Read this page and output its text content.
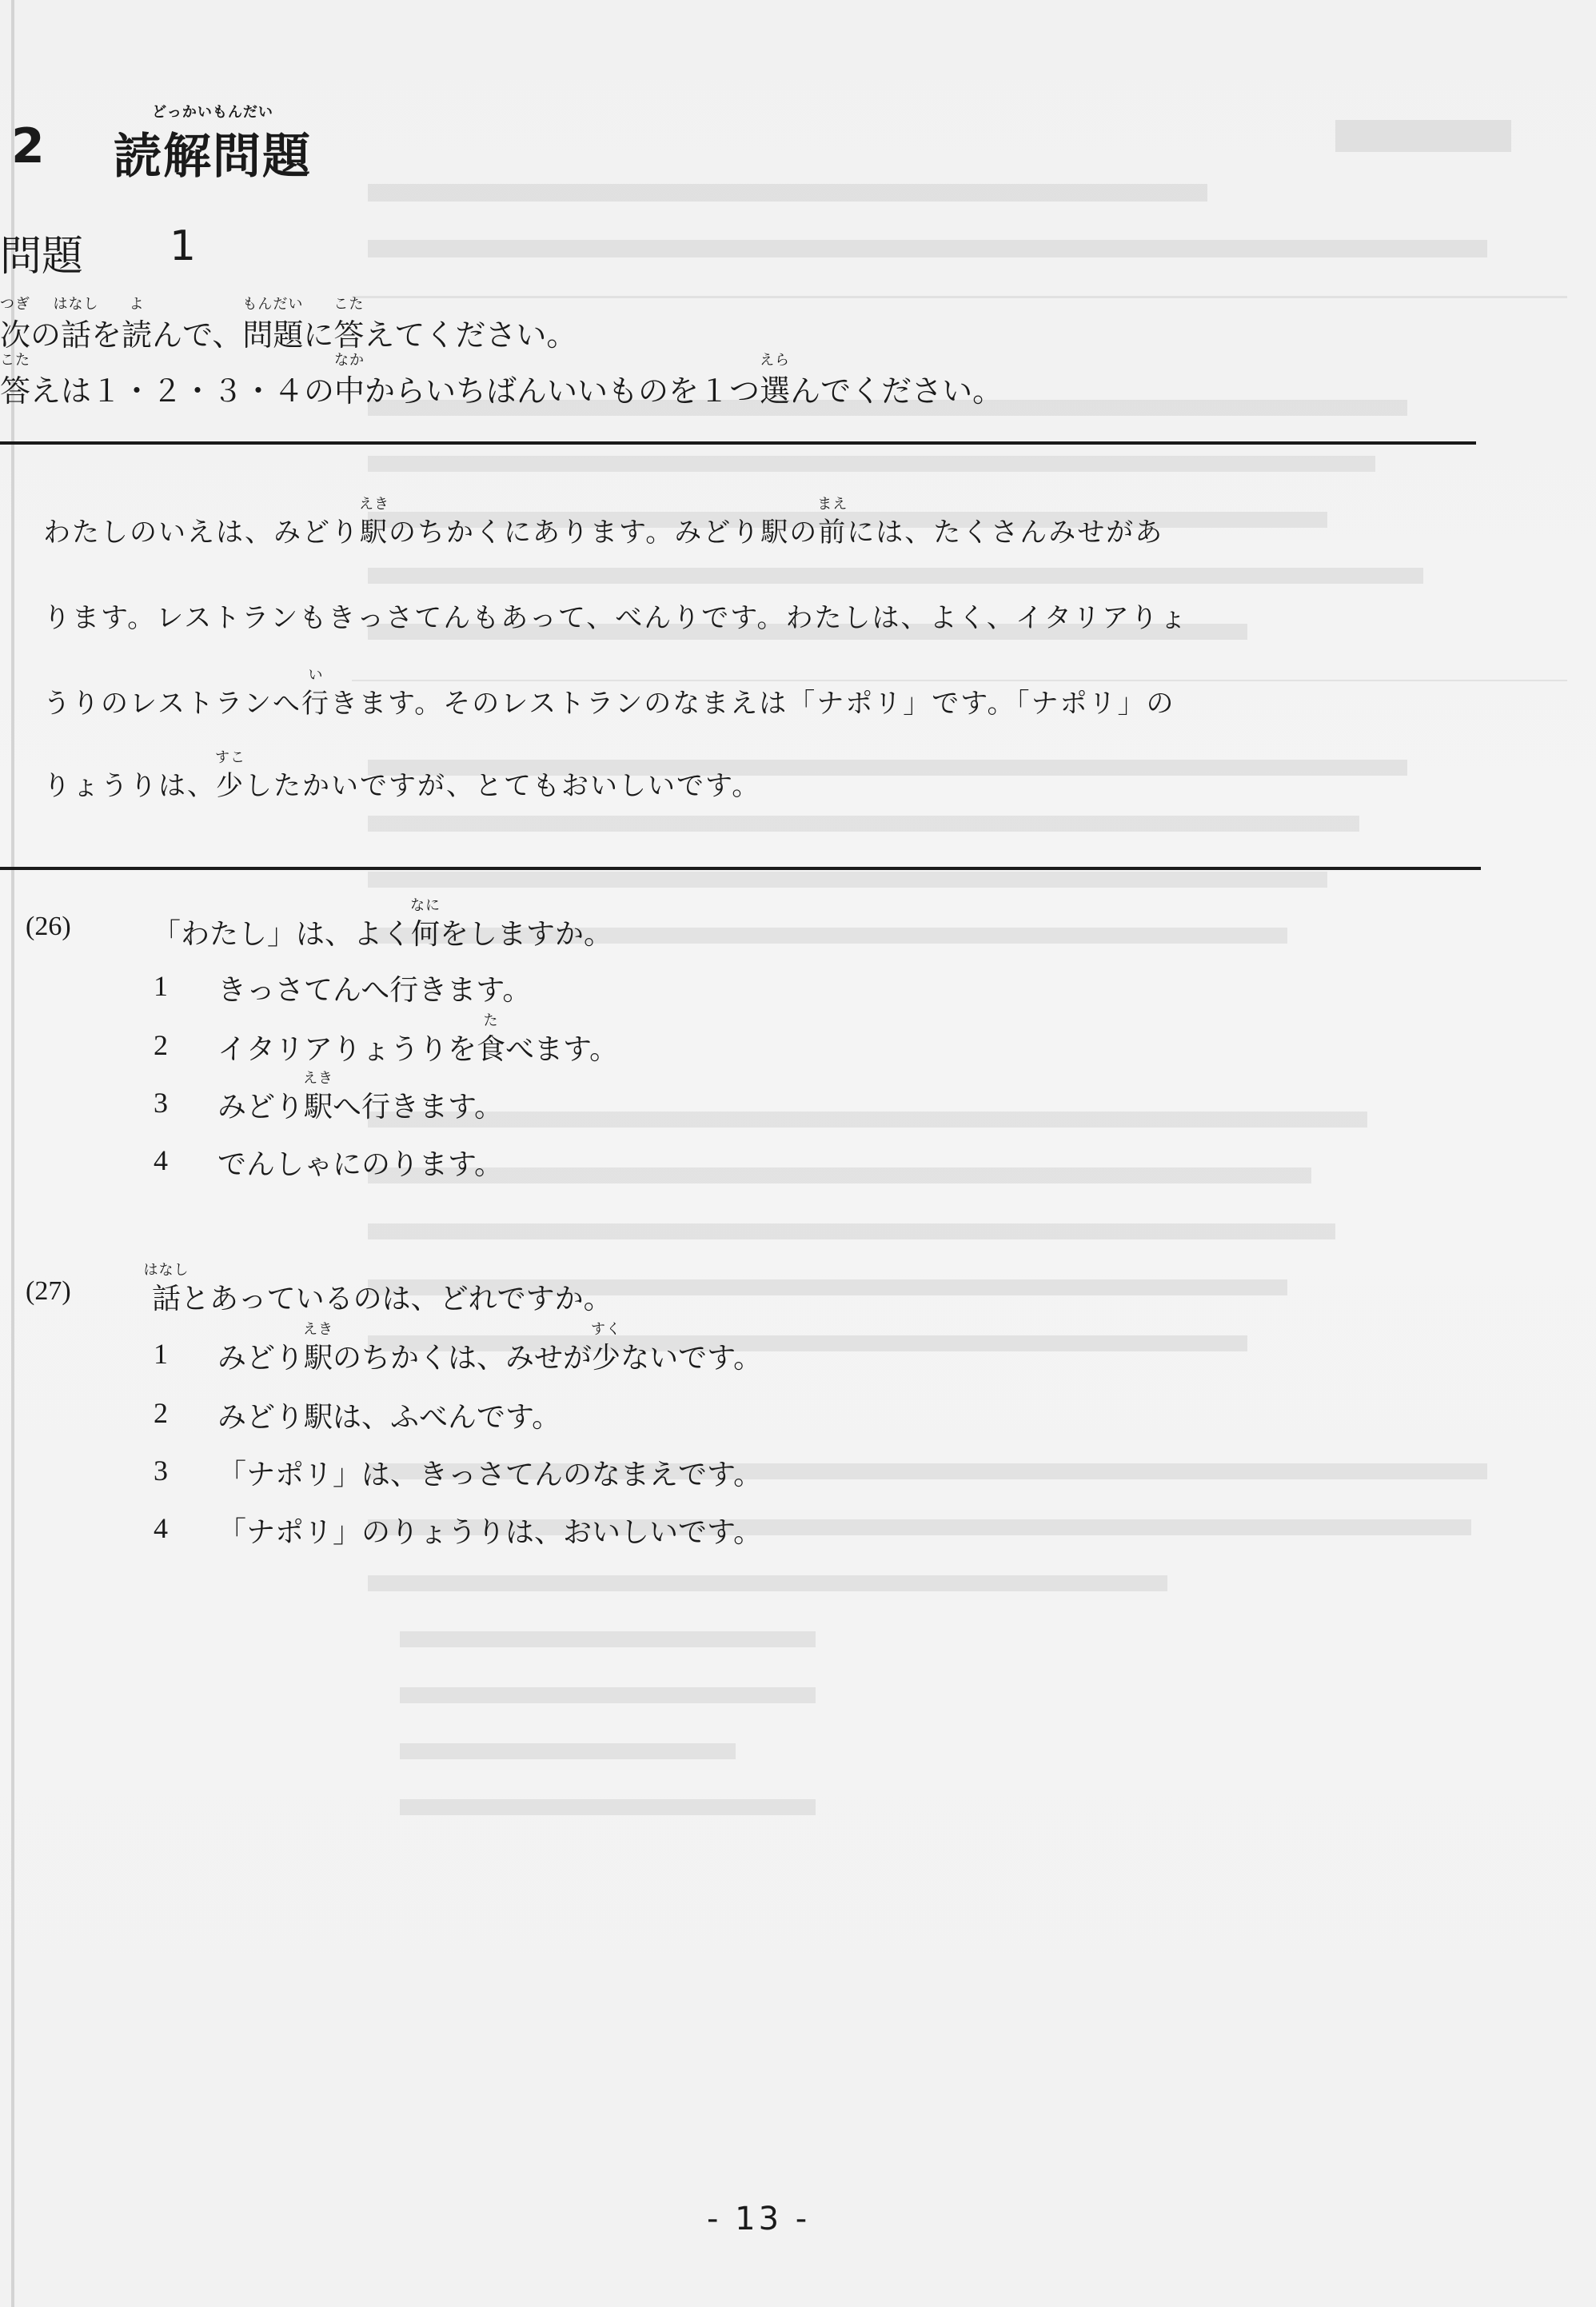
2
どっかいもんだい
読解問題
問題 1
つぎ
次の
はなし
話を
よ
読んで、
もんだい
問題に
こた
答えてください。
こた
答えは１・２・３・４の
なか
中からいちばんいいものを１つ
えら
選んでください。
わたしのいえは、みどり
えき
駅のちかくにあります。みどり駅の
まえ
前には、たくさんみせがあ
ります。レストランもきっさてんもあって、べんりです。わたしは、よく、イタリアりょ
うりのレストランへ
い
行きます。そのレストランのなまえは「ナポリ」です。「ナポリ」の
りょうりは、
すこ
少したかいですが、とてもおいしいです。
(26)	「わたし」は、よく
なに
何をしますか。
1 きっさてんへ行きます。
2 イタリアりょうりを
た
食べます。
3 みどり
えき
駅へ行きます。
4 でんしゃにのります。
(27)
はなし
話とあっているのは、どれですか。
1 みどり
えき
駅のちかくは、みせが
すく
少ないです。
2 みどり駅は、ふべんです。
3 「ナポリ」は、きっさてんのなまえです。
4 「ナポリ」のりょうりは、おいしいです。
- 13 -
